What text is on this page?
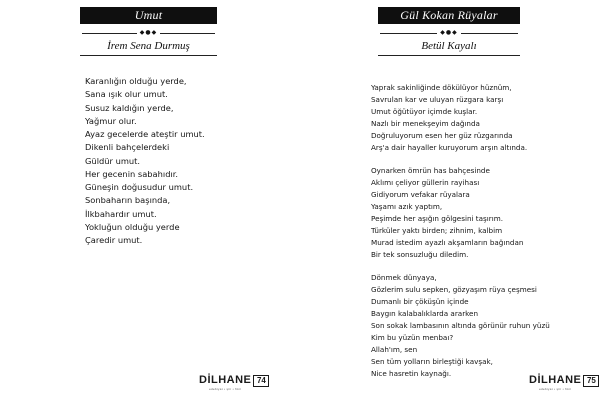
Umut
◆●◆
İrem Sena Durmuş
Karanlığın olduğu yerde,
Sana ışık olur umut.
Susuz kaldığın yerde,
Yağmur olur.
Ayaz gecelerde ateştir umut.
Dikenli bahçelerdeki
Güldür umut.
Her gecenin sabahıdır.
Güneşin doğusudur umut.
Sonbaharın başında,
İlkbahardır umut.
Yokluğun olduğu yerde
Çaredir umut.
DİLHANE
edebiyat • şiir • fikir
74
Gül Kokan Rüyalar
◆●◆
Betül Kayalı
Yaprak sakinliğinde dökülüyor hüznüm,
Savrulan kar ve uluyan rüzgara karşı
Umut öğütüyor içimde kuşlar.
Nazlı bir menekşeyim dağında
Doğruluyorum esen her güz rüzgarında
Arş'a dair hayaller kuruyorum arşın altında.
Oynarken ömrün has bahçesinde
Aklımı çeliyor güllerin rayihası
Gidiyorum vefakar rüyalara
Yaşamı azık yaptım,
Peşimde her aşığın gölgesini taşırım.
Türküler yaktı birden; zihnim, kalbim
Murad istedim ayazlı akşamların bağından
Bir tek sonsuzluğu diledim.
Dönmek dünyaya,
Gözlerim sulu sepken, gözyaşım rüya çeşmesi
Dumanlı bir çöküşün içinde
Baygın kalabalıklarda ararken
Son sokak lambasının altında görünür ruhun yüzü
Kim bu yüzün menbaı?
Allah'ım, sen
Sen tüm yolların birleştiği kavşak,
Nice hasretin kaynağı.
DİLHANE
edebiyat • şiir • fikir
75
